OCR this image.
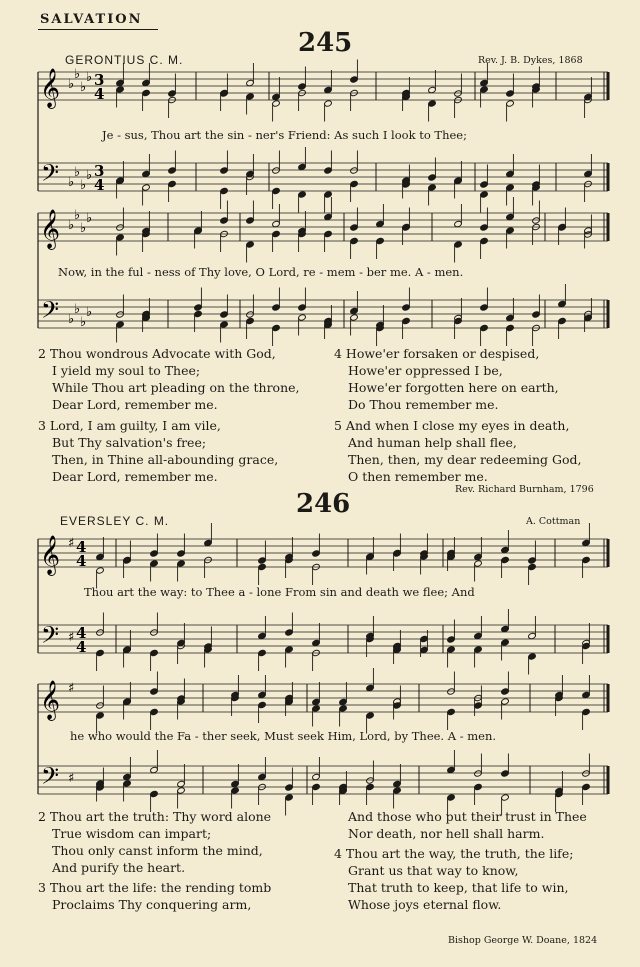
SALVATION
245
GERONTIUS C. M.	Rev. J. B. Dykes, 1868
𝄞
𝄢
♭
♭
♭
♭
♭
♭
♭
♭
3
4
3
4
Je - sus, Thou art the sin - ner's Friend: As such I look to Thee;
𝄞
𝄢
♭
♭
♭
♭
♭
♭
♭
♭
Now, in the ful - ness of Thy love, O Lord, re - mem - ber me. A - men.
2 Thou wondrous Advocate with God,
I yield my soul to Thee;
While Thou art pleading on the throne,
Dear Lord, remember me.
3 Lord, I am guilty, I am vile,
But Thy salvation's free;
Then, in Thine all-abounding grace,
Dear Lord, remember me.
4 Howe'er forsaken or despised,
Howe'er oppressed I be,
Howe'er forgotten here on earth,
Do Thou remember me.
5 And when I close my eyes in death,
And human help shall flee,
Then, then, my dear redeeming God,
O then remember me.
Rev. Richard Burnham, 1796
246
EVERSLEY C. M.	A. Cottman
𝄞
𝄢
♯
♯
4
4
4
4
Thou art the way: to Thee a - lone From sin and death we flee; And
𝄞
𝄢
♯
♯
he who would the Fa - ther seek, Must seek Him, Lord, by Thee. A - men.
2 Thou art the truth: Thy word alone
True wisdom can impart;
Thou only canst inform the mind,
And purify the heart.
3 Thou art the life: the rending tomb
Proclaims Thy conquering arm,
And those who put their trust in Thee
Nor death, nor hell shall harm.
4 Thou art the way, the truth, the life;
Grant us that way to know,
That truth to keep, that life to win,
Whose joys eternal flow.
Bishop George W. Doane, 1824
